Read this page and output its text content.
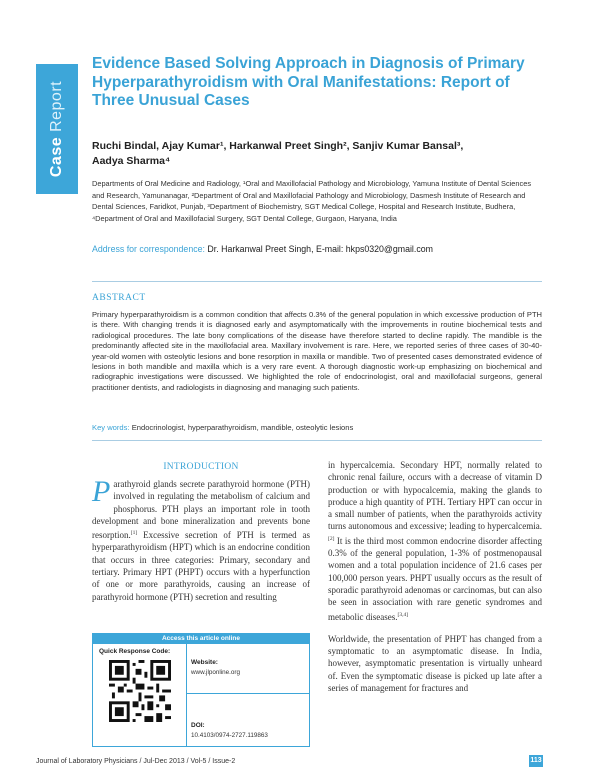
Case Report
Evidence Based Solving Approach in Diagnosis of Primary Hyperparathyroidism with Oral Manifestations: Report of Three Unusual Cases
Ruchi Bindal, Ajay Kumar¹, Harkanwal Preet Singh², Sanjiv Kumar Bansal³,
Aadya Sharma⁴
Departments of Oral Medicine and Radiology, ¹Oral and Maxillofacial Pathology and Microbiology, Yamuna Institute of Dental Sciences and Research, Yamunanagar, ²Department of Oral and Maxillofacial Pathology and Microbiology, Dasmesh Institute of Research and Dental Sciences, Faridkot, Punjab, ³Department of Biochemistry, SGT Medical College, Hospital and Research Institute, Budhera, ⁴Department of Oral and Maxillofacial Surgery, SGT Dental College, Gurgaon, Haryana, India
Address for correspondence: Dr. Harkanwal Preet Singh, E-mail: hkps0320@gmail.com
ABSTRACT
Primary hyperparathyroidism is a common condition that affects 0.3% of the general population in which excessive production of PTH is there. With changing trends it is diagnosed early and asymptomatically with the improvements in routine biochemical tests and radiological procedures. The late bony complications of the disease have therefore started to decline rapidly. The mandible is the predominantly affected site in the maxillofacial area. Maxillary involvement is rare. Here, we reported series of three cases of 30-40-year-old women with osteolytic lesions and bone resorption in maxilla or mandible. Two of presented cases demonstrated evidence of lesions in both mandible and maxilla which is a very rare event. A thorough diagnostic work-up emphasizing on biochemical and radiographic investigations were discussed. We highlighted the role of endocrinologist, oral and maxillofacial surgeons, general practitioner dentists, and radiologists in diagnosing and managing such patients.
Key words: Endocrinologist, hyperparathyroidism, mandible, osteolytic lesions
INTRODUCTION
Parathyroid glands secrete parathyroid hormone (PTH) involved in regulating the metabolism of calcium and phosphorus. PTH plays an important role in tooth development and bone mineralization and prevents bone resorption.[1] Excessive secretion of PTH is termed as hyperparathyroidism (HPT) which is an endocrine condition that occurs in three categories: Primary, secondary and tertiary. Primary HPT (PHPT) occurs with a hyperfunction of one or more parathyroids, causing an increase of parathyroid hormone (PTH) secretion and resulting
Access this article online
Quick Response Code:
Website:
www.jlponline.org
DOI:
10.4103/0974-2727.119863

in hypercalcemia. Secondary HPT, normally related to chronic renal failure, occurs with a decrease of vitamin D production or with hypocalcemia, making the glands to produce a high quantity of PTH. Tertiary HPT can occur in a small number of patients, when the parathyroids activity turns autonomous and excessive; leading to hypercalcemia.[2] It is the third most common endocrine disorder affecting 0.3% of the general population, 1-3% of postmenopausal women and a total population incidence of 21.6 cases per 100,000 person years. PHPT usually occurs as the result of sporadic parathyroid adenomas or carcinomas, but can also be seen in association with rare genetic syndromes and metabolic diseases.[3,4]

Worldwide, the presentation of PHPT has changed from a symptomatic to an asymptomatic disease. In India, however, asymptomatic presentation is virtually unheard of. Even the symptomatic disease is picked up late after a series of management for fractures and

Journal of Laboratory Physicians / Jul-Dec 2013 / Vol-5 / Issue-2	113
